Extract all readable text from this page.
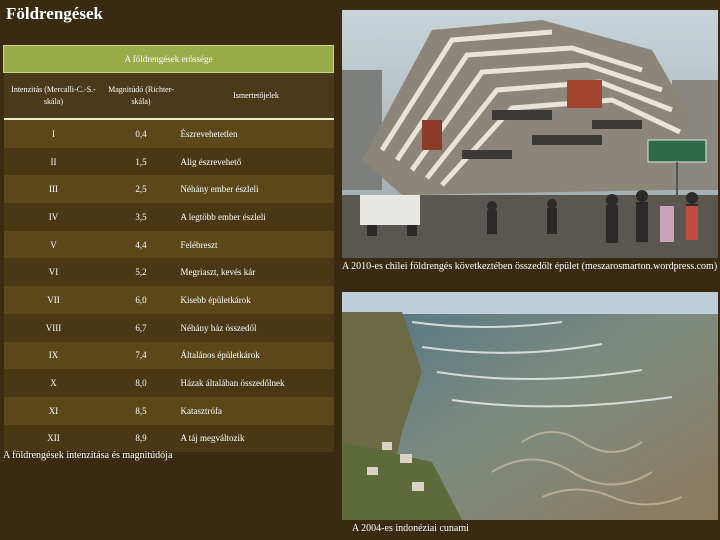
Földrengések
A földrengések erőssége		
Intenzitás (Mercalli-C.-S.-skála)	Magnitúdó (Richter-skála)	Ismertetőjelek
I	0,4	Észrevehetetlen
II	1,5	Alig észrevehető
III	2,5	Néhány ember észleli
IV	3,5	A legtöbb ember észleli
V	4,4	Felébreszt
VI	5,2	Megriaszt, kevés kár
VII	6,0	Kisebb épületkárok
VIII	6,7	Néhány ház összedől
IX	7,4	Általános épületkárok
X	8,0	Házak általában összedőlnek
XI	8,5	Katasztrófa
XII	8,9	A táj megváltozik
A földrengések intenzitása és magnitúdója
A 2010-es chilei földrengés következtében összedőlt épület (meszarosmarton.wordpress.com)
A 2004-es indonéziai cunami
